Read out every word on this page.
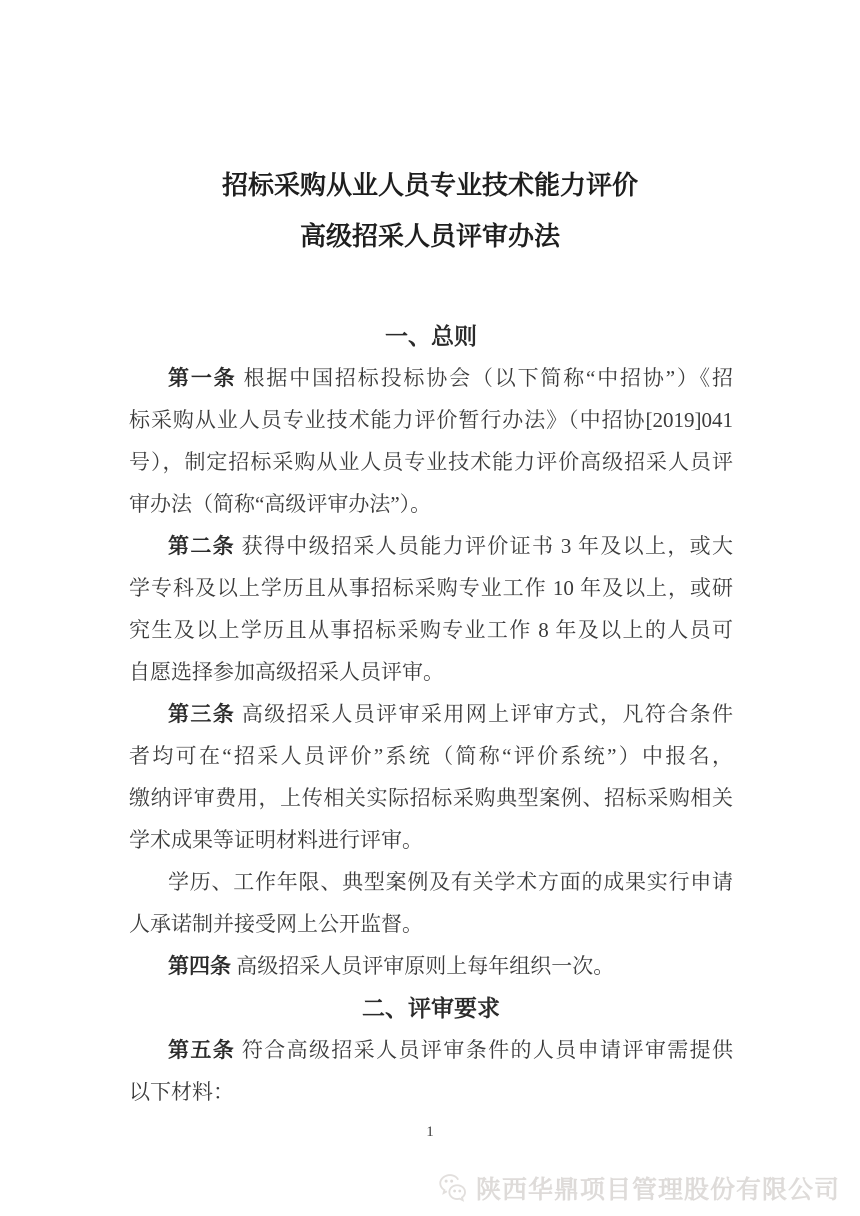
招标采购从业人员专业技术能力评价
高级招采人员评审办法
一、总则
第一条 根据中国招标投标协会（以下简称“中招协”）《招
标采购从业人员专业技术能力评价暂行办法》（中招协[2019]041
号），制定招标采购从业人员专业技术能力评价高级招采人员评
审办法（简称“高级评审办法”）。
第二条 获得中级招采人员能力评价证书 3 年及以上，或大
学专科及以上学历且从事招标采购专业工作 10 年及以上，或研
究生及以上学历且从事招标采购专业工作 8 年及以上的人员可
自愿选择参加高级招采人员评审。
第三条 高级招采人员评审采用网上评审方式，凡符合条件
者均可在“招采人员评价”系统（简称“评价系统”）中报名，
缴纳评审费用，上传相关实际招标采购典型案例、招标采购相关
学术成果等证明材料进行评审。
学历、工作年限、典型案例及有关学术方面的成果实行申请
人承诺制并接受网上公开监督。
第四条 高级招采人员评审原则上每年组织一次。
二、评审要求
第五条 符合高级招采人员评审条件的人员申请评审需提供
以下材料：
1
陕西华鼎项目管理股份有限公司
